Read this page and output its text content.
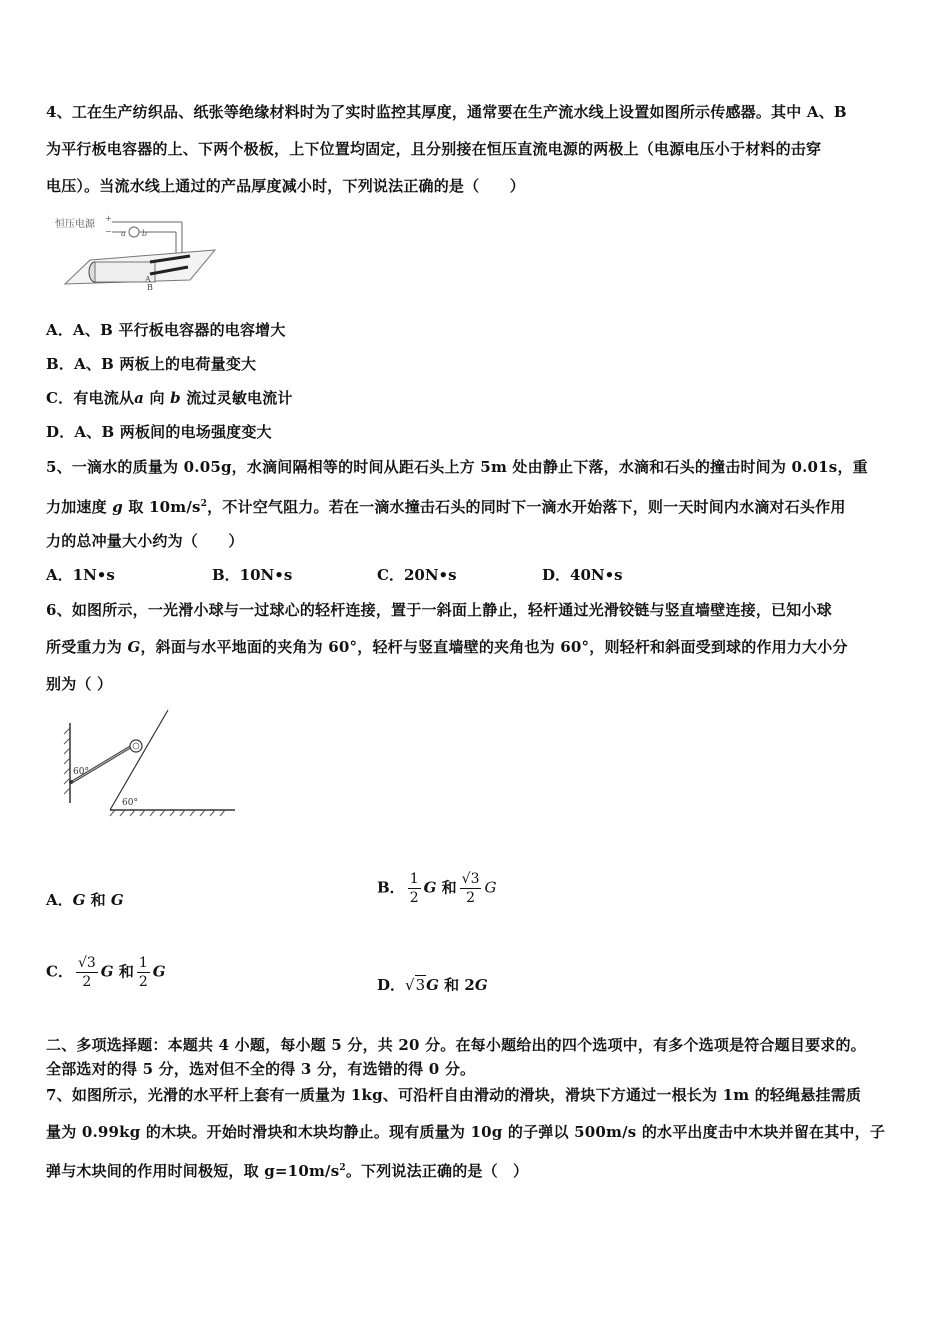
4、工在生产纺织品、纸张等绝缘材料时为了实时监控其厚度，通常要在生产流水线上设置如图所示传感器。其中 A、B
为平行板电容器的上、下两个极板，上下位置均固定，且分别接在恒压直流电源的两极上（电源电压小于材料的击穿
电压）。当流水线上通过的产品厚度减小时，下列说法正确的是（　　）
恒压电源
+
− a b
A
B
A．A、B 平行板电容器的电容增大
B．A、B 两板上的电荷量变大
C．有电流从a 向 b 流过灵敏电流计
D．A、B 两板间的电场强度变大
5、一滴水的质量为 0.05g，水滴间隔相等的时间从距石头上方 5m 处由静止下落，水滴和石头的撞击时间为 0.01s，重
力加速度 g 取 $10m/s^2$，不计空气阻力。若在一滴水撞击石头的同时下一滴水开始落下，则一天时间内水滴对石头作用
力的总冲量大小约为（　　）
A．1N•s	B．10N•s	C．20N•s	D．40N•s
6、如图所示，一光滑小球与一过球心的轻杆连接，置于一斜面上静止，轻杆通过光滑铰链与竖直墙壁连接，已知小球
所受重力为 G，斜面与水平地面的夹角为 60°，轻杆与竖直墙壁的夹角也为 60°，则轻杆和斜面受到球的作用力大小分
别为（ ）
60°
60°
A．G 和 G
B． $\frac{1}{2}$ G 和 $\frac{√3}{2}$ G
C． $\frac{√3}{2}$ G 和 $\frac{1}{2}$ G
D．√3G 和 2G
二、多项选择题：本题共 4 小题，每小题 5 分，共 20 分。在每小题给出的四个选项中，有多个选项是符合题目要求的。
全部选对的得 5 分，选对但不全的得 3 分，有选错的得 0 分。
7、如图所示，光滑的水平杆上套有一质量为 1kg、可沿杆自由滑动的滑块，滑块下方通过一根长为 1m 的轻绳悬挂需质
量为 0.99kg 的木块。开始时滑块和木块均静止。现有质量为 10g 的子弹以 500m/s 的水平出度击中木块并留在其中，子
弹与木块间的作用时间极短，取 $g=10m/s^2$。下列说法正确的是（　）
